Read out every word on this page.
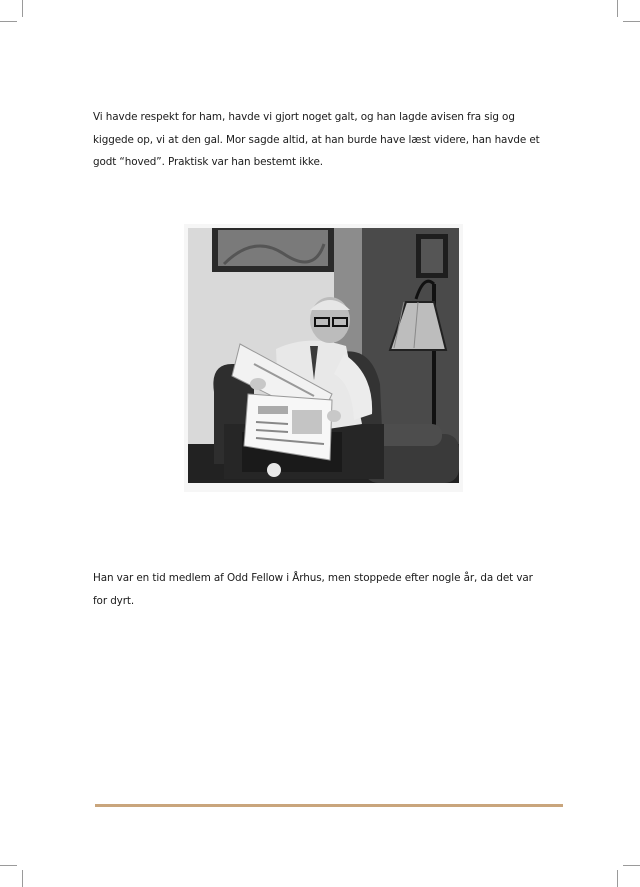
Vi havde respekt for ham, havde vi gjort noget galt, og han lagde avisen fra sig og kiggede op, vi at den gal. Mor sagde altid, at han burde have læst videre, han havde et godt “hoved”. Praktisk var han bestemt ikke.

Han var en tid medlem af Odd Fellow i Århus, men stoppede efter nogle år, da det var for dyrt.
